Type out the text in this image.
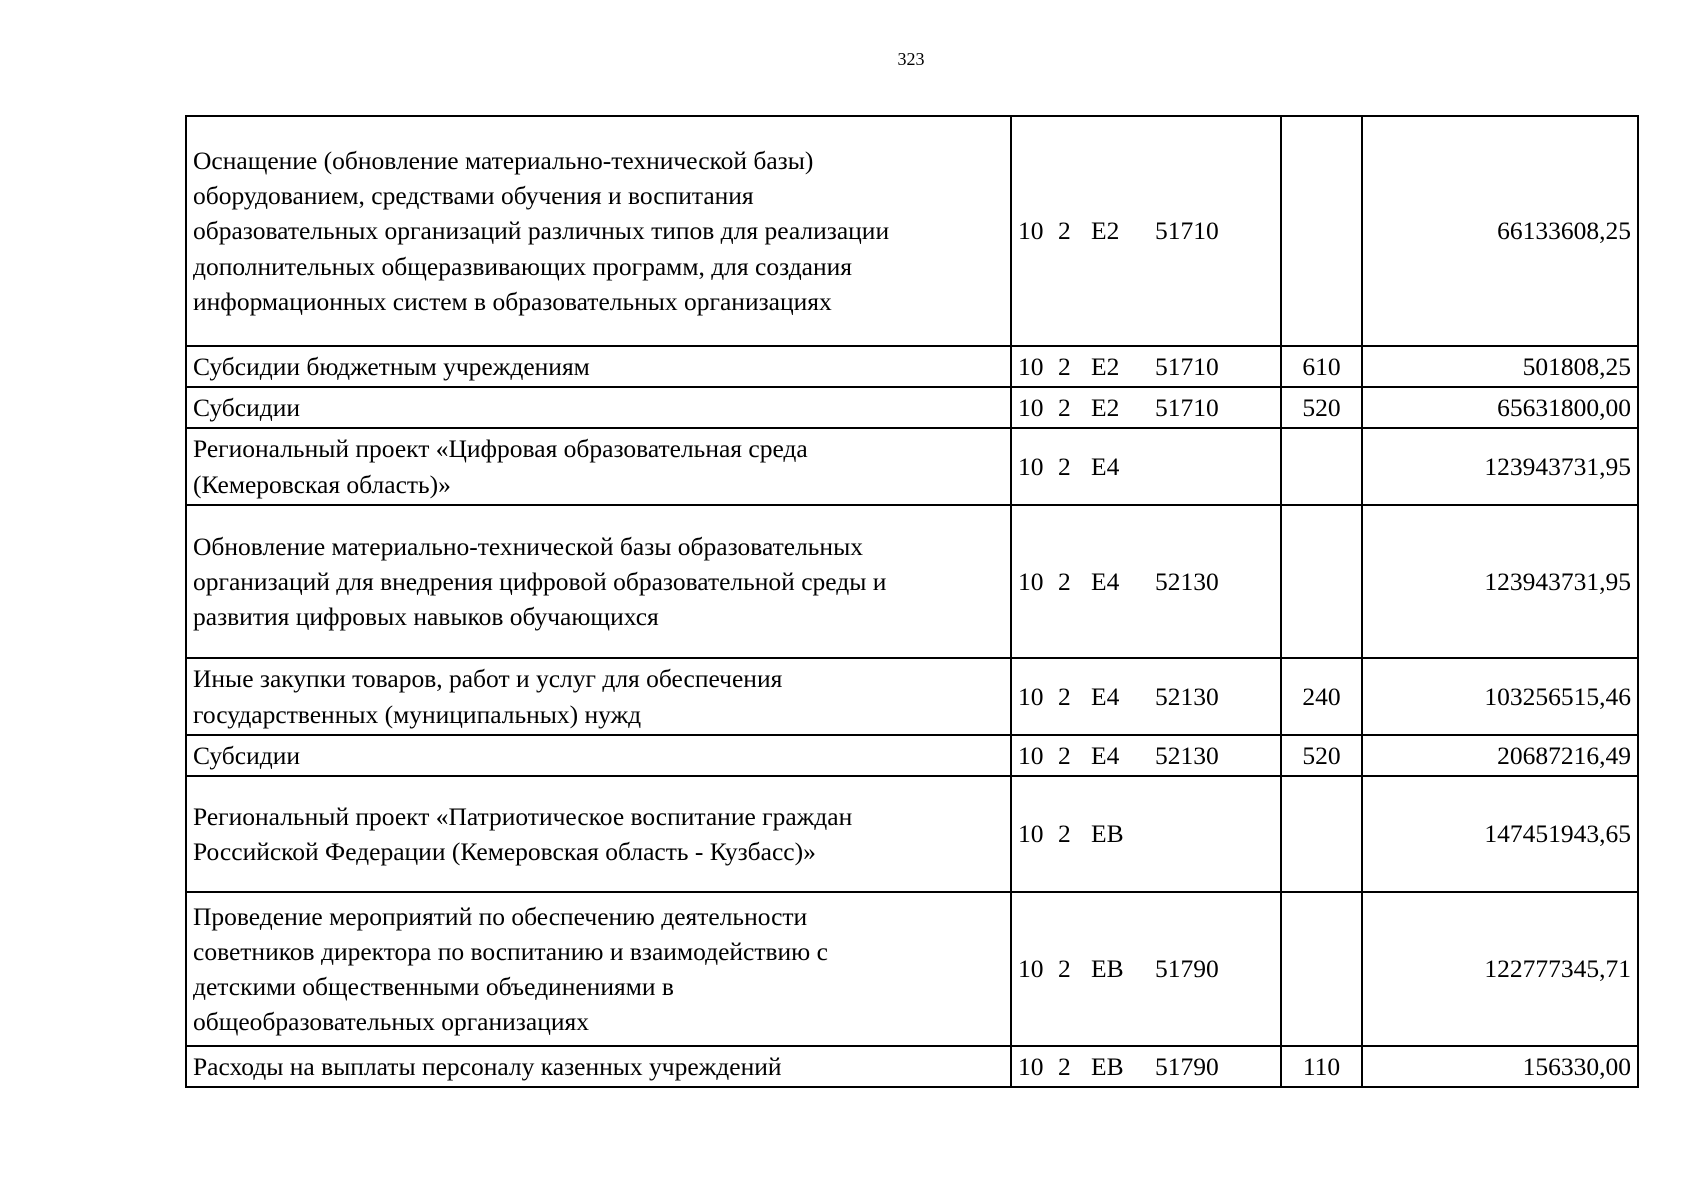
323
Оснащение (обновление материально-технической базы)
оборудованием, средствами обучения и воспитания
образовательных организаций различных типов для реализации
дополнительных общеразвивающих программ, для создания
информационных систем в образовательных организациях	10 2 E2 51710		66133608,25

Субсидии бюджетным учреждениям	10 2 E2 51710	610	501808,25

Субсидии	10 2 E2 51710	520	65631800,00

Региональный проект «Цифровая образовательная среда
(Кемеровская область)»	10 2 E4		123943731,95

Обновление материально-технической базы образовательных
организаций для внедрения цифровой образовательной среды и
развития цифровых навыков обучающихся	10 2 E4 52130		123943731,95

Иные закупки товаров, работ и услуг для обеспечения
государственных (муниципальных) нужд	10 2 E4 52130	240	103256515,46

Субсидии	10 2 E4 52130	520	20687216,49

Региональный проект «Патриотическое воспитание граждан
Российской Федерации (Кемеровская область - Кузбасс)»	10 2 EB		147451943,65

Проведение мероприятий по обеспечению деятельности
советников директора по воспитанию и взаимодействию с
детскими общественными объединениями в
общеобразовательных организациях	10 2 EB 51790		122777345,71

Расходы на выплаты персоналу казенных учреждений	10 2 EB 51790	110	156330,00
